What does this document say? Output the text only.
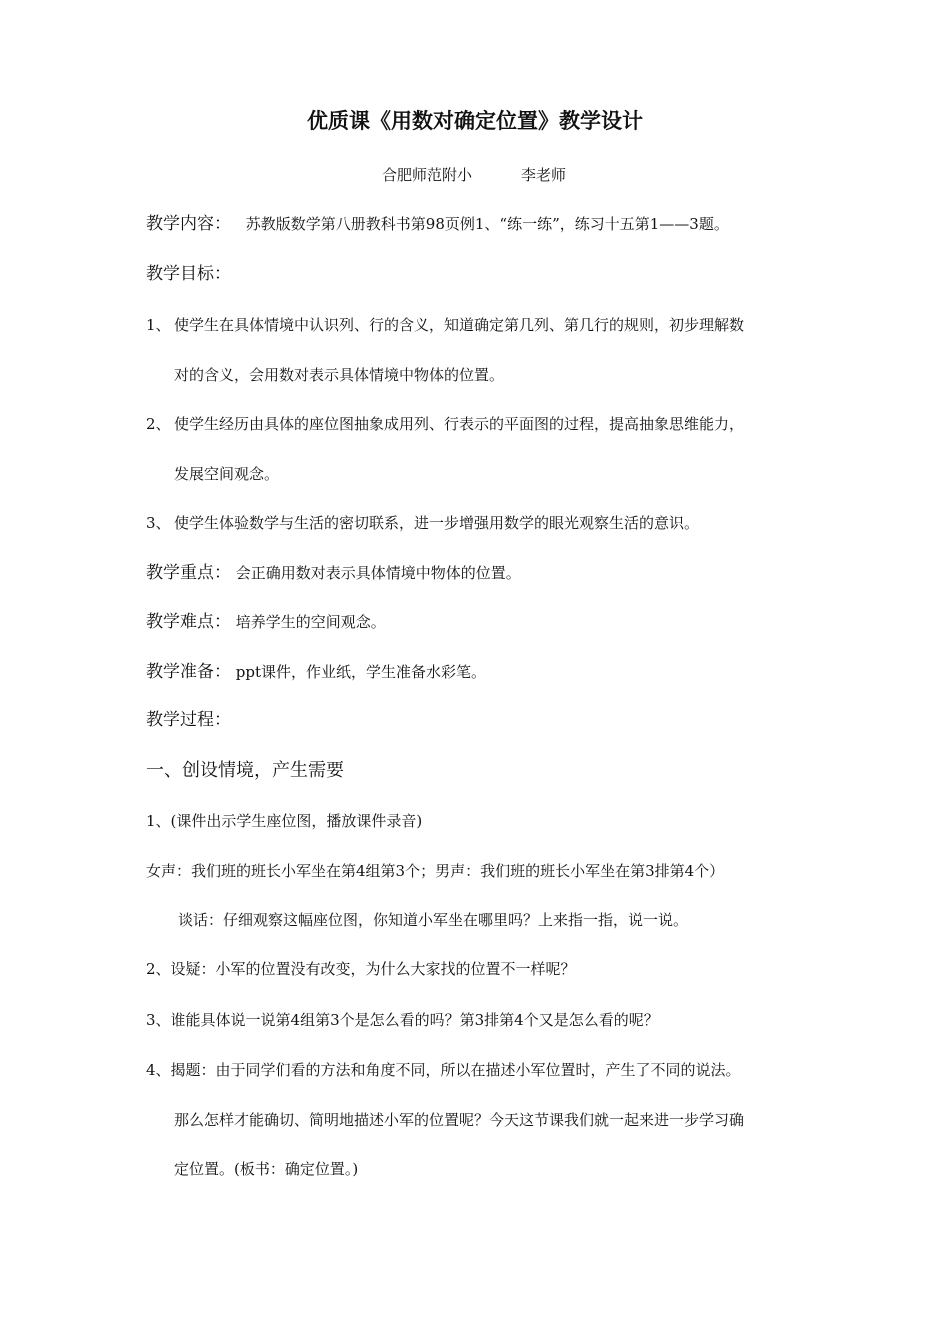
优质课《用数对确定位置》教学设计
合肥师范附小	李老师
教学内容： 苏教版数学第八册教科书第98页例1、“练一练”，练习十五第1——3题。
教学目标：
1、 使学生在具体情境中认识列、行的含义，知道确定第几列、第几行的规则，初步理解数
对的含义，会用数对表示具体情境中物体的位置。
2、 使学生经历由具体的座位图抽象成用列、行表示的平面图的过程，提高抽象思维能力，
发展空间观念。
3、 使学生体验数学与生活的密切联系，进一步增强用数学的眼光观察生活的意识。
教学重点： 会正确用数对表示具体情境中物体的位置。
教学难点： 培养学生的空间观念。
教学准备： ppt课件，作业纸，学生准备水彩笔。
教学过程：
一、创设情境，产生需要
1、(课件出示学生座位图，播放课件录音)
女声：我们班的班长小军坐在第4组第3个；男声：我们班的班长小军坐在第3排第4个）
谈话：仔细观察这幅座位图，你知道小军坐在哪里吗？上来指一指，说一说。
2、设疑：小军的位置没有改变，为什么大家找的位置不一样呢？
3、谁能具体说一说第4组第3个是怎么看的吗？第3排第4个又是怎么看的呢？
4、揭题：由于同学们看的方法和角度不同，所以在描述小军位置时，产生了不同的说法。
那么怎样才能确切、简明地描述小军的位置呢？今天这节课我们就一起来进一步学习确
定位置。(板书：确定位置。)
